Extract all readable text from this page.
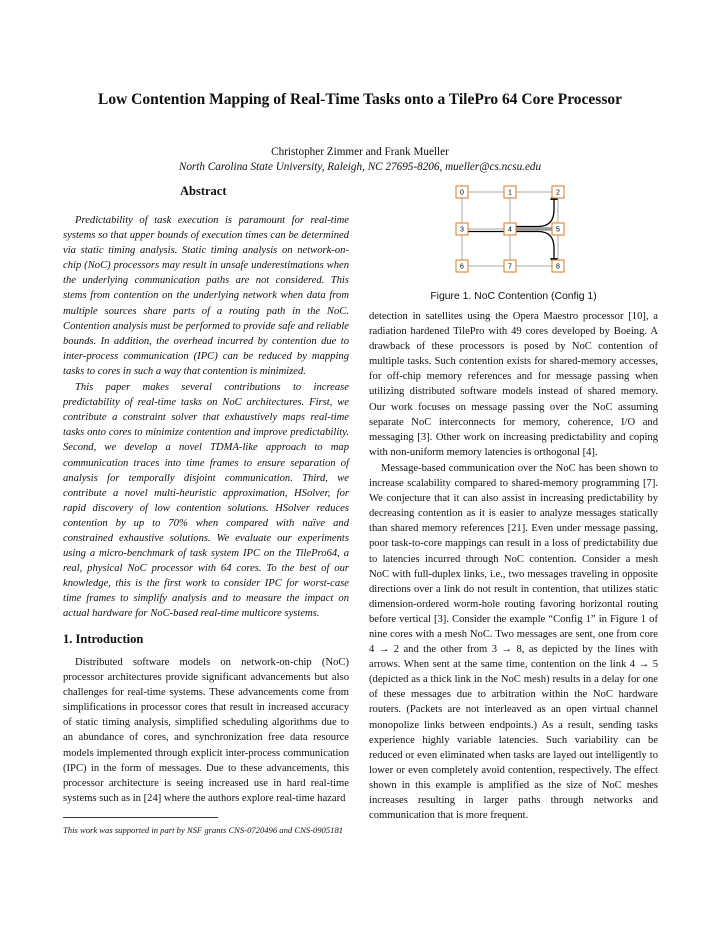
Low Contention Mapping of Real-Time Tasks onto a TilePro 64 Core Processor
Christopher Zimmer and Frank Mueller
North Carolina State University, Raleigh, NC 27695-8206, mueller@cs.ncsu.edu
Abstract

Predictability of task execution is paramount for real-time systems so that upper bounds of execution times can be determined via static timing analysis. Static timing analysis on network-on-chip (NoC) processors may result in unsafe underestimations when the underlying communication paths are not considered. This stems from contention on the underlying network when data from multiple sources share parts of a routing path in the NoC. Contention analysis must be performed to provide safe and reliable bounds. In addition, the overhead incurred by contention due to inter-process communication (IPC) can be reduced by mapping tasks to cores in such a way that contention is minimized.

This paper makes several contributions to increase predictability of real-time tasks on NoC architectures. First, we contribute a constraint solver that exhaustively maps real-time tasks onto cores to minimize contention and improve predictability. Second, we develop a novel TDMA-like approach to map communication traces into time frames to ensure separation of analysis for temporally disjoint communication. Third, we contribute a novel multi-heuristic approximation, HSolver, for rapid discovery of low contention solutions. HSolver reduces contention by up to 70% when compared with naïve and constrained exhaustive solutions. We evaluate our experiments using a micro-benchmark of task system IPC on the TilePro64, a real, physical NoC processor with 64 cores. To the best of our knowledge, this is the first work to consider IPC for worst-case time frames to simplify analysis and to measure the impact on actual hardware for NoC-based real-time multicore systems.

1. Introduction

Distributed software models on network-on-chip (NoC) processor architectures provide significant advancements but also challenges for real-time systems. These advancements come from simplifications in processor cores that result in increased accuracy of static timing analysis, simplified scheduling algorithms due to an abundance of cores, and synchronization free data resource models implemented through explicit inter-process communication (IPC) in the form of messages. Due to these advancements, this processor architecture is seeing increased use in hard real-time systems such as in [24] where the authors explore real-time hazard

This work was supported in part by NSF grants CNS-0720496 and CNS-0905181
0	1	2
3	4	5
6	7	8
Figure 1. NoC Contention (Config 1)

detection in satellites using the Opera Maestro processor [10], a radiation hardened TilePro with 49 cores developed by Boeing. A drawback of these processors is posed by NoC contention of multiple tasks. Such contention exists for shared-memory accesses, for off-chip memory references and for message passing when utilizing distributed software models instead of shared memory. Our work focuses on message passing over the NoC assuming separate NoC interconnects for memory, coherence, I/O and messaging [3]. Other work on increasing predictability and coping with non-uniform memory latencies is orthogonal [4].

Message-based communication over the NoC has been shown to increase scalability compared to shared-memory programming [7]. We conjecture that it can also assist in increasing predictability by decreasing contention as it is easier to analyze messages statically than shared memory references [21]. Even under message passing, poor task-to-core mappings can result in a loss of predictability due to latencies incurred through NoC contention. Consider a mesh NoC with full-duplex links, i.e., two messages traveling in opposite directions over a link do not result in contention, that utilizes static dimension-ordered worm-hole routing favoring horizontal routing before vertical [3]. Consider the example “Config 1” in Figure 1 of nine cores with a mesh NoC. Two messages are sent, one from core 4 → 2 and the other from 3 → 8, as depicted by the lines with arrows. When sent at the same time, contention on the link 4 → 5 (depicted as a thick link in the NoC mesh) results in a delay for one of these messages due to arbitration within the NoC hardware routers. (Packets are not interleaved as an open virtual channel monopolize links between endpoints.) As a result, sending tasks experience highly variable latencies. Such variability can be reduced or even eliminated when tasks are layed out intelligently to lower or even completely avoid contention, respectively. The effect shown in this example is amplified as the size of NoC meshes increases resulting in larger paths through networks and communication that is more frequent.
